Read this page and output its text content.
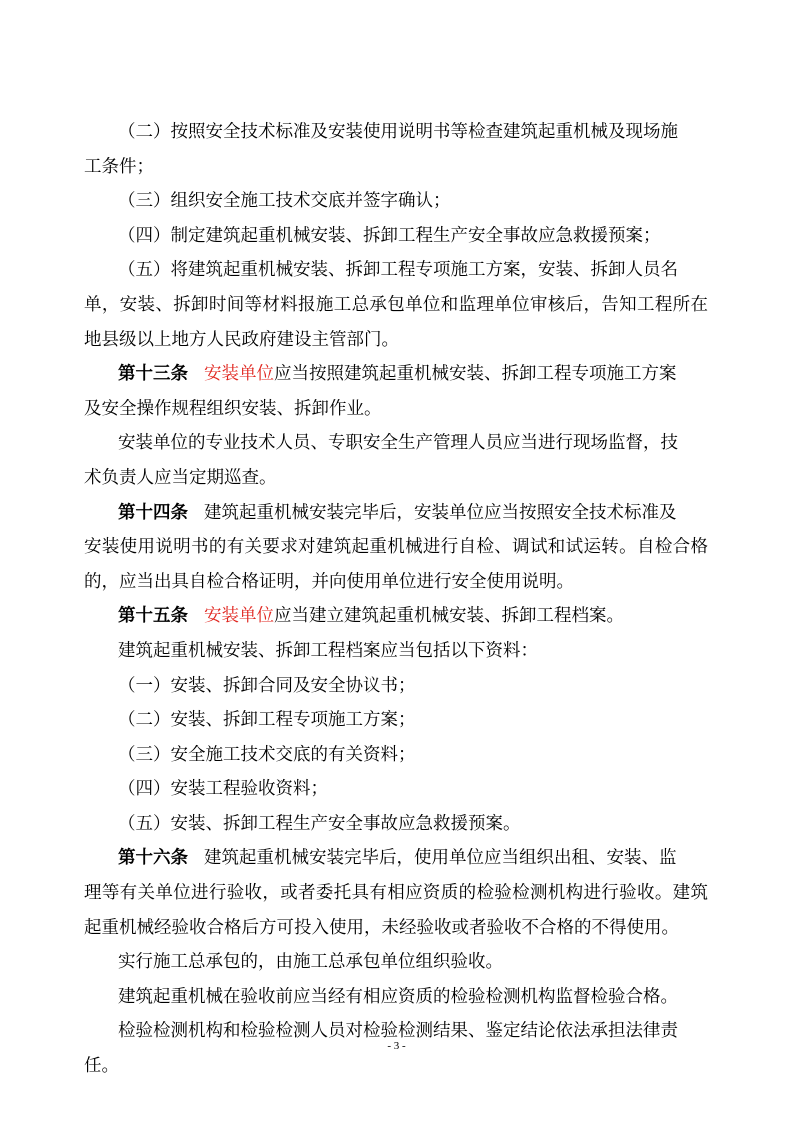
（二）按照安全技术标准及安装使用说明书等检查建筑起重机械及现场施
工条件；

（三）组织安全施工技术交底并签字确认；

（四）制定建筑起重机械安装、拆卸工程生产安全事故应急救援预案；

（五）将建筑起重机械安装、拆卸工程专项施工方案，安装、拆卸人员名

单，安装、拆卸时间等材料报施工总承包单位和监理单位审核后，告知工程所在地县级以上地方人民政府建设主管部门。

第十三条 安装单位应当按照建筑起重机械安装、拆卸工程专项施工方案

及安全操作规程组织安装、拆卸作业。

安装单位的专业技术人员、专职安全生产管理人员应当进行现场监督，技

术负责人应当定期巡查。

第十四条 建筑起重机械安装完毕后，安装单位应当按照安全技术标准及

安装使用说明书的有关要求对建筑起重机械进行自检、调试和试运转。自检合格的，应当出具自检合格证明，并向使用单位进行安全使用说明。

第十五条 安装单位应当建立建筑起重机械安装、拆卸工程档案。

建筑起重机械安装、拆卸工程档案应当包括以下资料：

（一）安装、拆卸合同及安全协议书；

（二）安装、拆卸工程专项施工方案；

（三）安全施工技术交底的有关资料；

（四）安装工程验收资料；

（五）安装、拆卸工程生产安全事故应急救援预案。

第十六条 建筑起重机械安装完毕后，使用单位应当组织出租、安装、监

理等有关单位进行验收，或者委托具有相应资质的检验检测机构进行验收。建筑起重机械经验收合格后方可投入使用，未经验收或者验收不合格的不得使用。

实行施工总承包的，由施工总承包单位组织验收。

建筑起重机械在验收前应当经有相应资质的检验检测机构监督检验合格。

检验检测机构和检验检测人员对检验检测结果、鉴定结论依法承担法律责

任。

- 3 -
